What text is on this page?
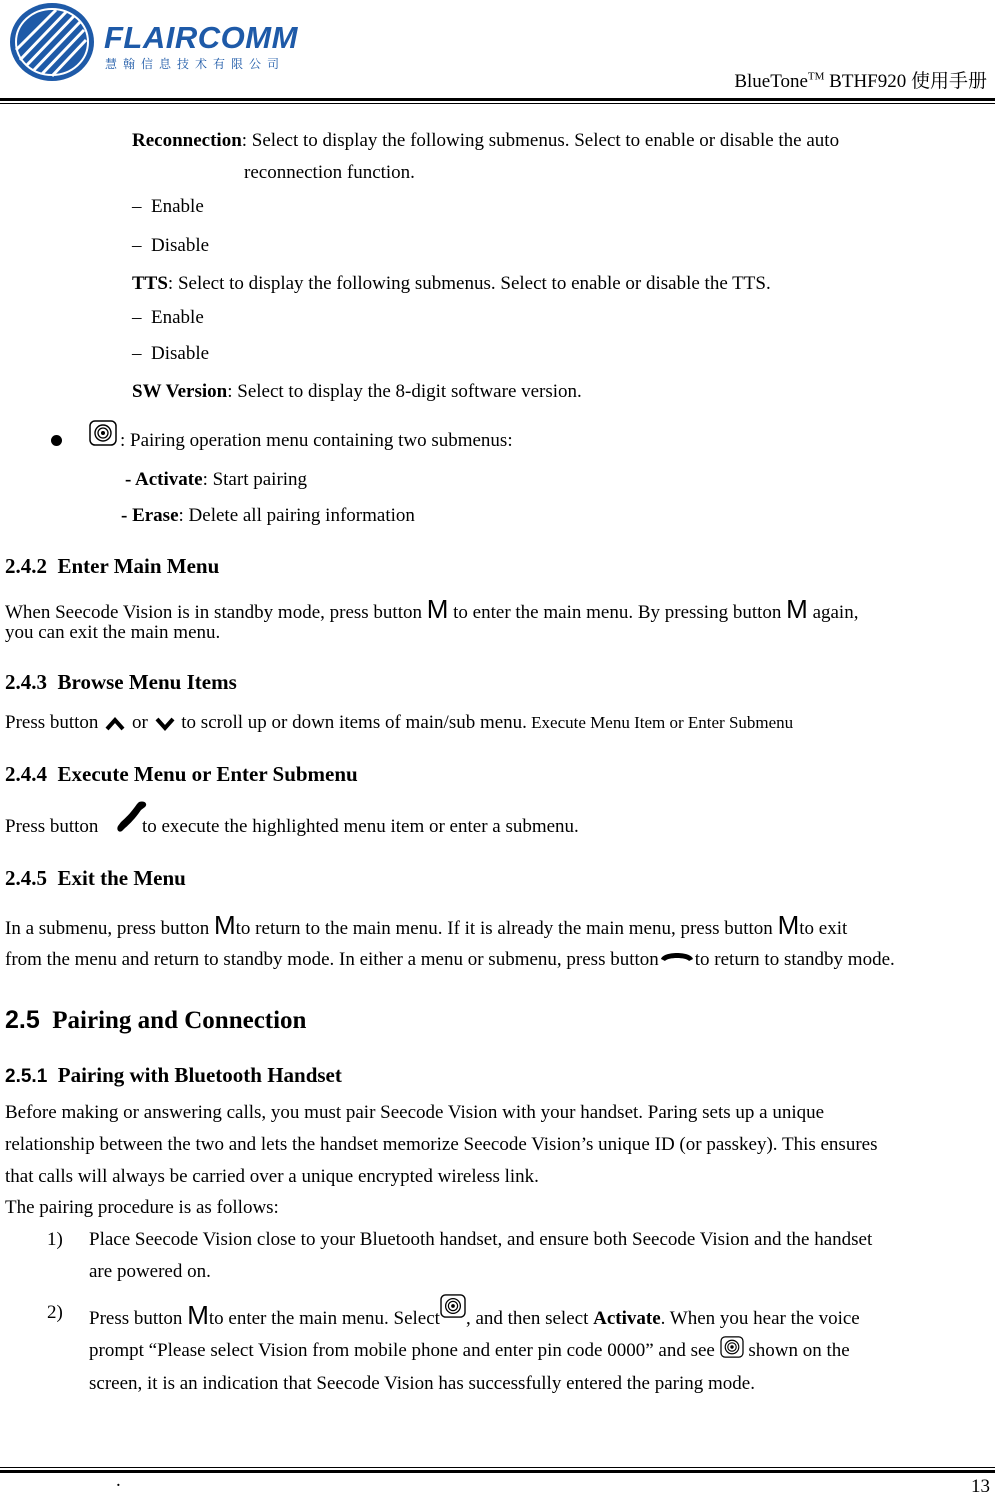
FLAIRCOMM
慧翰信息技术有限公司
BlueTone™ BTHF920 使用手册
Reconnection: Select to display the following submenus. Select to enable or disable the auto
reconnection function.
– Enable
– Disable
TTS: Select to display the following submenus. Select to enable or disable the TTS.
– Enable
– Disable
SW Version: Select to display the 8-digit software version.
: Pairing operation menu containing two submenus:
- Activate: Start pairing
- Erase: Delete all pairing information
2.4.2 Enter Main Menu
When Seecode Vision is in standby mode, press button M to enter the main menu. By pressing button M again,
you can exit the main menu.
2.4.3 Browse Menu Items
Press button  or  to scroll up or down items of main/sub menu. Execute Menu Item or Enter Submenu
2.4.4 Execute Menu or Enter Submenu
Press button
to execute the highlighted menu item or enter a submenu.
2.4.5 Exit the Menu
In a submenu, press button Mto return to the main menu. If it is already the main menu, press button Mto exit
from the menu and return to standby mode. In either a menu or submenu, press button to return to standby mode.
2.5 Pairing and Connection
2.5.1 Pairing with Bluetooth Handset
Before making or answering calls, you must pair Seecode Vision with your handset. Paring sets up a unique
relationship between the two and lets the handset memorize Seecode Vision’s unique ID (or passkey). This ensures
that calls will always be carried over a unique encrypted wireless link.
The pairing procedure is as follows:
1) Place Seecode Vision close to your Bluetooth handset, and ensure both Seecode Vision and the handset
are powered on.
2) Press button Mto enter the main menu. Select , and then select Activate. When you hear the voice
prompt “Please select Vision from mobile phone and enter pin code 0000” and see  shown on the
screen, it is an indication that Seecode Vision has successfully entered the paring mode.
.	13
